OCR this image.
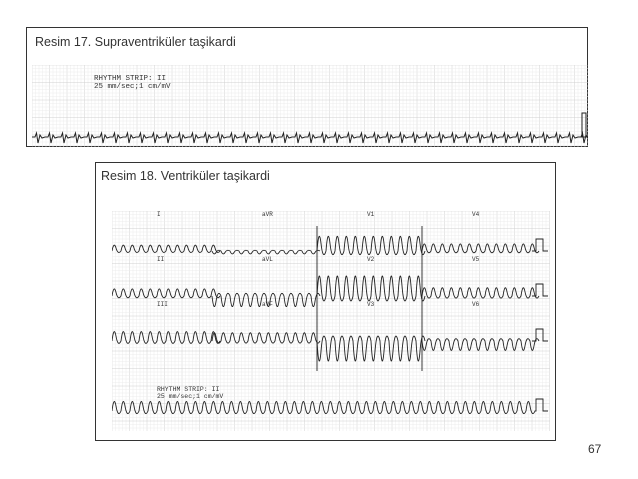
Resim 17. Supraventriküler taşikardi
RHYTHM STRIP: II
25 mm/sec;1 cm/mV
Resim 18. Ventriküler taşikardi
I	aVR	V1	V4
II	aVL	V2	V5
III	aVF	V3	V6
RHYTHM STRIP: II
25 mm/sec;1 cm/mV
67
